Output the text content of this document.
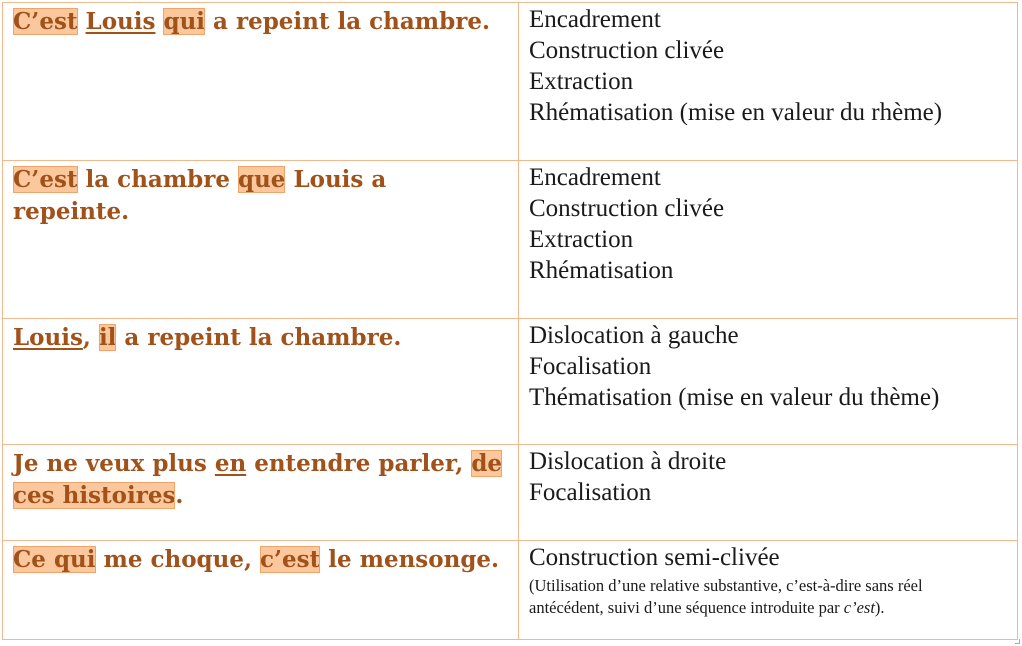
C’est Louis qui a repeint la chambre.	Encadrement
Construction clivée
Extraction
Rhématisation (mise en valeur du rhème)

C’est la chambre que Louis a repeinte.	Encadrement
Construction clivée
Extraction
Rhématisation

Louis, il a repeint la chambre.	Dislocation à gauche
Focalisation
Thématisation (mise en valeur du thème)

Je ne veux plus en entendre parler, de
ces histoires.	Dislocation à droite
Focalisation

Ce qui me choque, c’est le mensonge.	Construction semi-clivée
(Utilisation d’une relative substantive, c’est-à-dire sans réel
antécédent, suivi d’une séquence introduite par c’est).
